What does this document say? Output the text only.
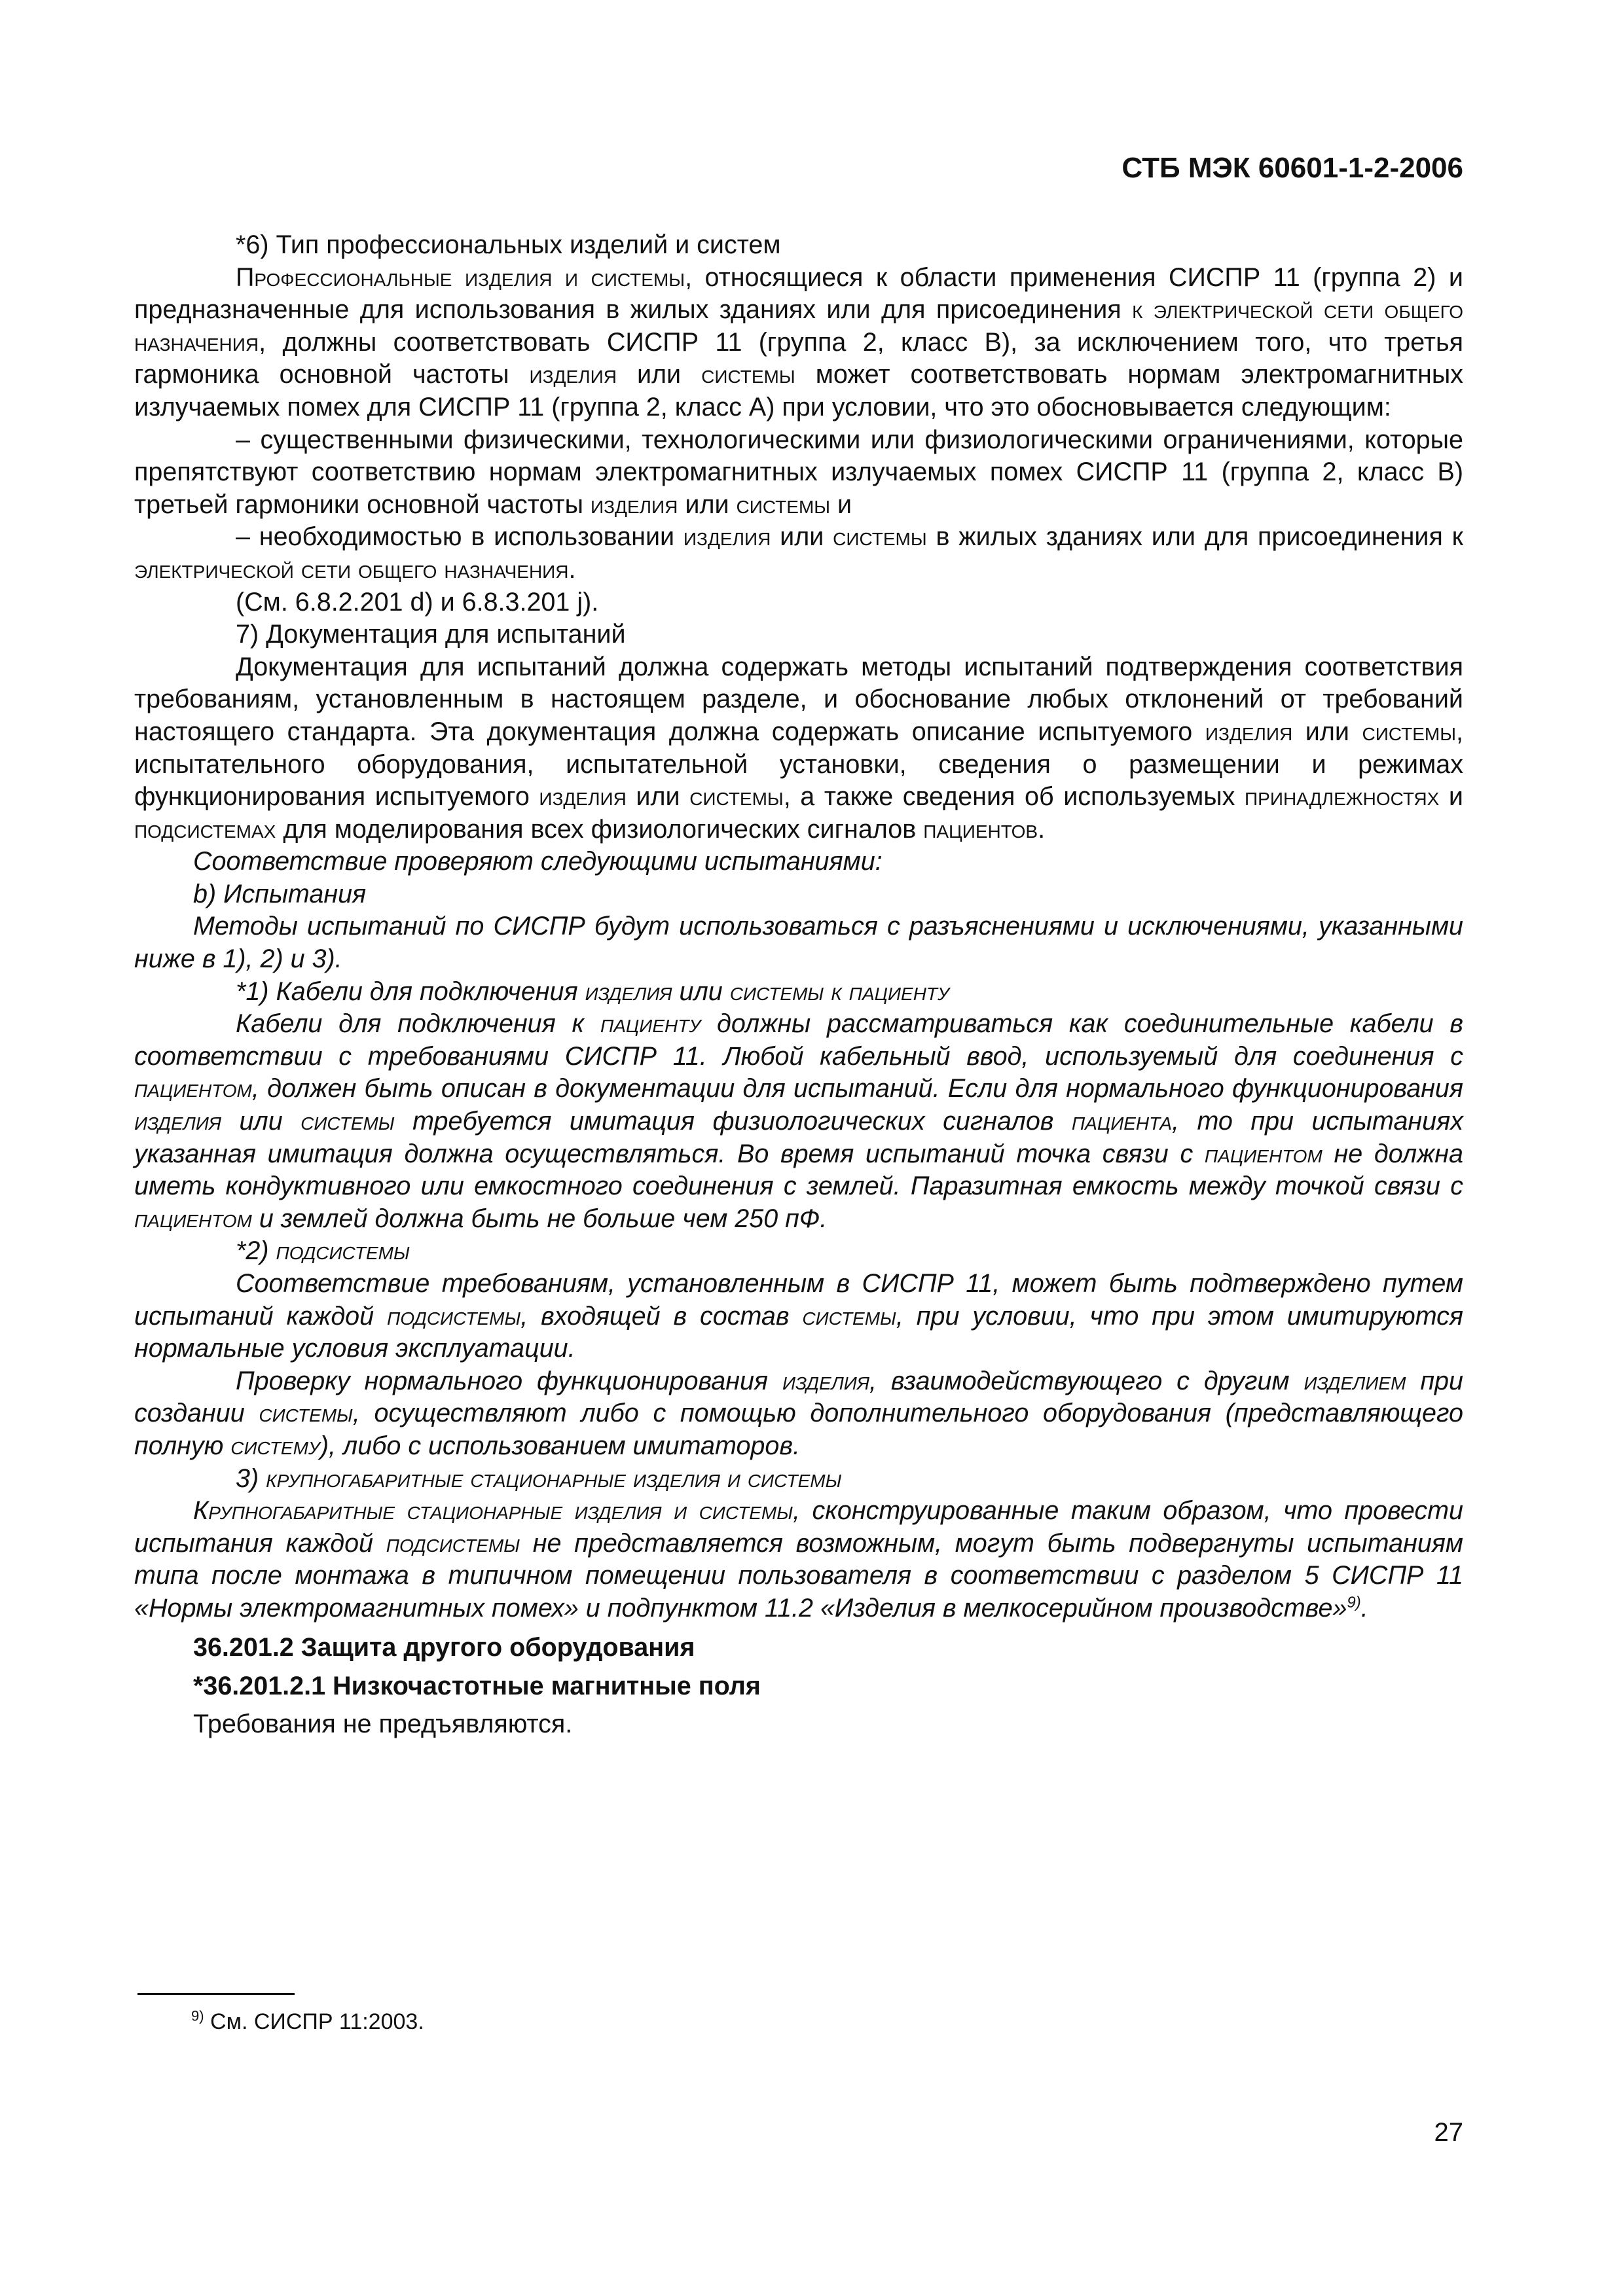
СТБ МЭК 60601-1-2-2006

*6) Тип профессиональных изделий и систем

Профессиональные изделия и системы, относящиеся к области применения СИСПР 11 (группа 2) и предназначенные для использования в жилых зданиях или для присоединения к электрической сети общего назначения, должны соответствовать СИСПР 11 (группа 2, класс В), за исключением того, что третья гармоника основной частоты изделия или системы может соответствовать нормам электромагнитных излучаемых помех для СИСПР 11 (группа 2, класс А) при условии, что это обосновывается следующим:

– существенными физическими, технологическими или физиологическими ограничениями, которые препятствуют соответствию нормам электромагнитных излучаемых помех СИСПР 11 (группа 2, класс В) третьей гармоники основной частоты изделия или системы и

– необходимостью в использовании изделия или системы в жилых зданиях или для присоединения к электрической сети общего назначения.

(См. 6.8.2.201 d) и 6.8.3.201 j).

7) Документация для испытаний

Документация для испытаний должна содержать методы испытаний подтверждения соответствия требованиям, установленным в настоящем разделе, и обоснование любых отклонений от требований настоящего стандарта. Эта документация должна содержать описание испытуемого изделия или системы, испытательного оборудования, испытательной установки, сведения о размещении и режимах функционирования испытуемого изделия или системы, а также сведения об используемых принадлежностях и подсистемах для моделирования всех физиологических сигналов пациентов.

Соответствие проверяют следующими испытаниями:

b) Испытания

Методы испытаний по СИСПР будут использоваться с разъяснениями и исключениями, указанными ниже в 1), 2) и 3).

*1) Кабели для подключения изделия или системы к пациенту

Кабели для подключения к пациенту должны рассматриваться как соединительные кабели в соответствии с требованиями СИСПР 11. Любой кабельный ввод, используемый для соединения с пациентом, должен быть описан в документации для испытаний. Если для нормального функционирования изделия или системы требуется имитация физиологических сигналов пациента, то при испытаниях указанная имитация должна осуществляться. Во время испытаний точка связи с пациентом не должна иметь кондуктивного или емкостного соединения с землей. Паразитная емкость между точкой связи с пациентом и землей должна быть не больше чем 250 пФ.

*2) подсистемы

Соответствие требованиям, установленным в СИСПР 11, может быть подтверждено путем испытаний каждой подсистемы, входящей в состав системы, при условии, что при этом имитируются нормальные условия эксплуатации.

Проверку нормального функционирования изделия, взаимодействующего с другим изделием при создании системы, осуществляют либо с помощью дополнительного оборудования (представляющего полную систему), либо с использованием имитаторов.

3) крупногабаритные стационарные изделия и системы

Крупногабаритные стационарные изделия и системы, сконструированные таким образом, что провести испытания каждой подсистемы не представляется возможным, могут быть подвергнуты испытаниям типа после монтажа в типичном помещении пользователя в соответствии с разделом 5 СИСПР 11 «Нормы электромагнитных помех» и подпунктом 11.2 «Изделия в мелкосерийном производстве»$^{9)}$.

36.201.2 Защита другого оборудования

*36.201.2.1 Низкочастотные магнитные поля

Требования не предъявляются.

$^{9)}$ См. СИСПР 11:2003.
27
